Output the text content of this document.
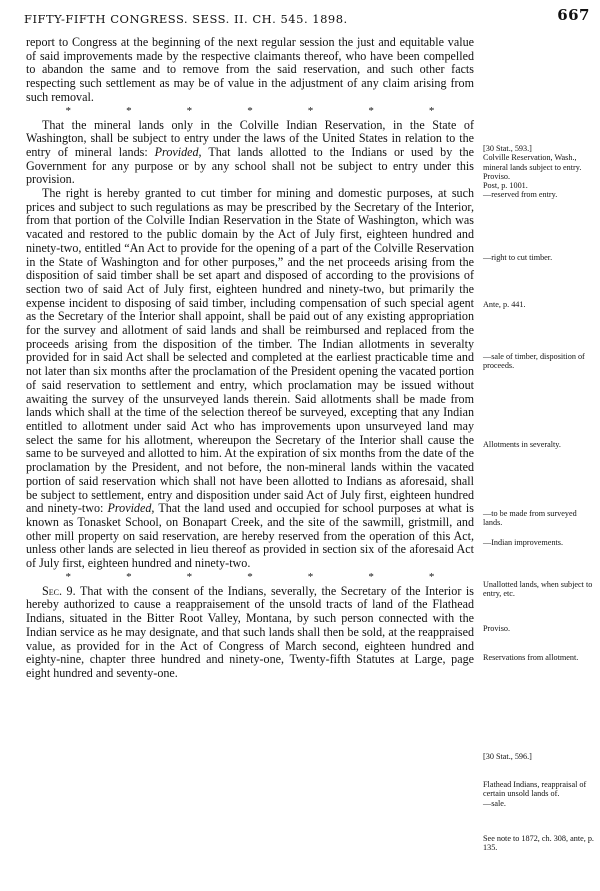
FIFTY-FIFTH CONGRESS. SESS. II. CH. 545. 1898.	667

report to Congress at the beginning of the next regular session the just and equitable value of said improvements made by the respective claimants thereof, who have been compelled to abandon the same and to remove from the said reservation, and such other facts respecting such settlement as may be of value in the adjustment of any claim arising from such removal.

*	*	*	*	*	*	*

That the mineral lands only in the Colville Indian Reservation, in the State of Washington, shall be subject to entry under the laws of the United States in relation to the entry of mineral lands: Provided, That lands allotted to the Indians or used by the Government for any purpose or by any school shall not be subject to entry under this provision.

The right is hereby granted to cut timber for mining and domestic purposes, at such prices and subject to such regulations as may be prescribed by the Secretary of the Interior, from that portion of the Colville Indian Reservation in the State of Washington, which was vacated and restored to the public domain by the Act of July first, eighteen hundred and ninety-two, entitled “An Act to provide for the opening of a part of the Colville Reservation in the State of Washington and for other purposes,” and the net proceeds arising from the disposition of said timber shall be set apart and disposed of according to the provisions of section two of said Act of July first, eighteen hundred and ninety-two, but primarily the expense incident to disposing of said timber, including compensation of such special agent as the Secretary of the Interior shall appoint, shall be paid out of any existing appropriation for the survey and allotment of said lands and shall be reimbursed and replaced from the proceeds arising from the disposition of the timber. The Indian allotments in severalty provided for in said Act shall be selected and completed at the earliest practicable time and not later than six months after the proclamation of the President opening the vacated portion of said reservation to settlement and entry, which proclamation may be issued without awaiting the survey of the unsurveyed lands therein. Said allotments shall be made from lands which shall at the time of the selection thereof be surveyed, excepting that any Indian entitled to allotment under said Act who has improvements upon unsurveyed land may select the same for his allotment, whereupon the Secretary of the Interior shall cause the same to be surveyed and allotted to him. At the expiration of six months from the date of the proclamation by the President, and not before, the non-mineral lands within the vacated portion of said reservation which shall not have been allotted to Indians as aforesaid, shall be subject to settlement, entry and disposition under said Act of July first, eighteen hundred and ninety-two: Provided, That the land used and occupied for school purposes at what is known as Tonasket School, on Bonapart Creek, and the site of the sawmill, gristmill, and other mill property on said reservation, are hereby reserved from the operation of this Act, unless other lands are selected in lieu thereof as provided in section six of the aforesaid Act of July first, eighteen hundred and ninety-two.

*	*	*	*	*	*	*

Sec. 9. That with the consent of the Indians, severally, the Secretary of the Interior is hereby authorized to cause a reappraisement of the unsold tracts of land of the Flathead Indians, situated in the Bitter Root Valley, Montana, by such person connected with the Indian service as he may designate, and that such lands shall then be sold, at the reappraised value, as provided for in the Act of Congress of March second, eighteen hundred and eighty-nine, chapter three hundred and ninety-one, Twenty-fifth Statutes at Large, page eight hundred and seventy-one.

[30 Stat., 593.]
Colville Reservation, Wash., mineral lands subject to entry.
Proviso.
Post, p. 1001.
—reserved from entry.
—right to cut timber.
Ante, p. 441.
—sale of timber, disposition of proceeds.
Allotments in severalty.
—to be made from surveyed lands.
—Indian improvements.
Unallotted lands, when subject to entry, etc.
Proviso.
Reservations from allotment.
[30 Stat., 596.]
Flathead Indians, reappraisal of certain unsold lands of.
—sale.
See note to 1872, ch. 308, ante, p. 135.
